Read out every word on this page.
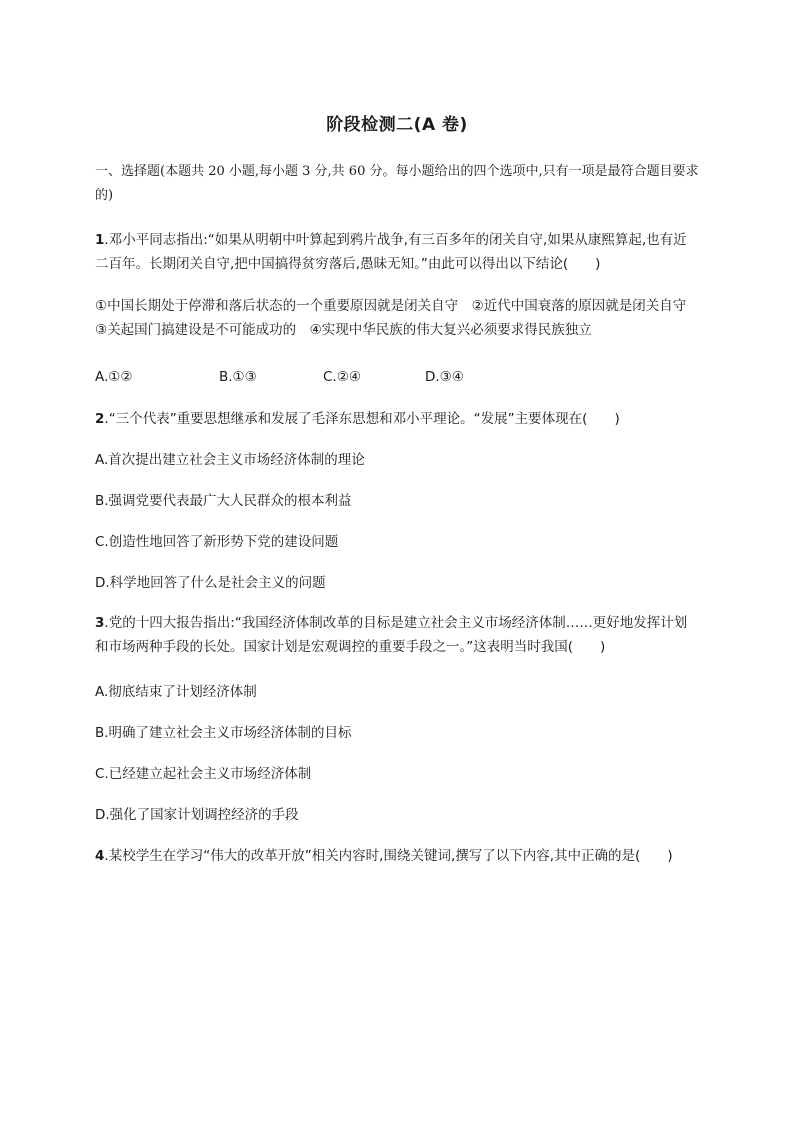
阶段检测二(A 卷)
一、选择题(本题共 20 小题,每小题 3 分,共 60 分。每小题给出的四个选项中,只有一项是最符合题目要求的)
1.邓小平同志指出:“如果从明朝中叶算起到鸦片战争,有三百多年的闭关自守,如果从康熙算起,也有近二百年。长期闭关自守,把中国搞得贫穷落后,愚昧无知。”由此可以得出以下结论(　　)
①中国长期处于停滞和落后状态的一个重要原因就是闭关自守　②近代中国衰落的原因就是闭关自守　③关起国门搞建设是不可能成功的　④实现中华民族的伟大复兴必须要求得民族独立
A.①②	B.①③	C.②④	D.③④
2.“三个代表”重要思想继承和发展了毛泽东思想和邓小平理论。“发展”主要体现在(　　)
A.首次提出建立社会主义市场经济体制的理论
B.强调党要代表最广大人民群众的根本利益
C.创造性地回答了新形势下党的建设问题
D.科学地回答了什么是社会主义的问题
3.党的十四大报告指出:“我国经济体制改革的目标是建立社会主义市场经济体制……更好地发挥计划和市场两种手段的长处。国家计划是宏观调控的重要手段之一。”这表明当时我国(　　)
A.彻底结束了计划经济体制
B.明确了建立社会主义市场经济体制的目标
C.已经建立起社会主义市场经济体制
D.强化了国家计划调控经济的手段
4.某校学生在学习“伟大的改革开放”相关内容时,围绕关键词,撰写了以下内容,其中正确的是(　　)
